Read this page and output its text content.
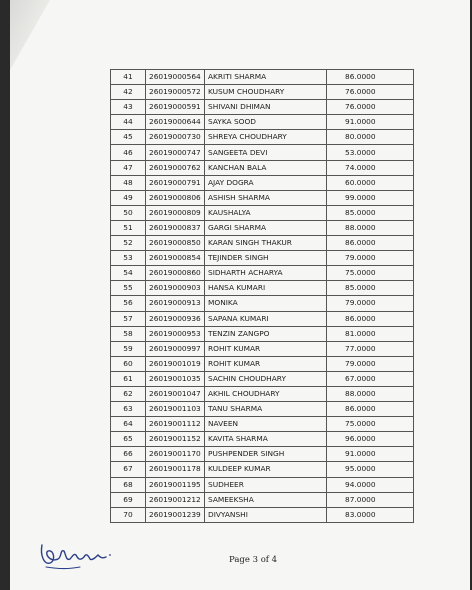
41	26019000564	AKRITI SHARMA	86.0000
42	26019000572	KUSUM CHOUDHARY	76.0000
43	26019000591	SHIVANI DHIMAN	76.0000
44	26019000644	SAYKA SOOD	91.0000
45	26019000730	SHREYA CHOUDHARY	80.0000
46	26019000747	SANGEETA DEVI	53.0000
47	26019000762	KANCHAN BALA	74.0000
48	26019000791	AJAY DOGRA	60.0000
49	26019000806	ASHISH SHARMA	99.0000
50	26019000809	KAUSHALYA	85.0000
51	26019000837	GARGI SHARMA	88.0000
52	26019000850	KARAN SINGH THAKUR	86.0000
53	26019000854	TEJINDER SINGH	79.0000
54	26019000860	SIDHARTH ACHARYA	75.0000
55	26019000903	HANSA KUMARI	85.0000
56	26019000913	MONIKA	79.0000
57	26019000936	SAPANA KUMARI	86.0000
58	26019000953	TENZIN ZANGPO	81.0000
59	26019000997	ROHIT KUMAR	77.0000
60	26019001019	ROHIT KUMAR	79.0000
61	26019001035	SACHIN CHOUDHARY	67.0000
62	26019001047	AKHIL CHOUDHARY	88.0000
63	26019001103	TANU SHARMA	86.0000
64	26019001112	NAVEEN	75.0000
65	26019001152	KAVITA SHARMA	96.0000
66	26019001170	PUSHPENDER SINGH	91.0000
67	26019001178	KULDEEP KUMAR	95.0000
68	26019001195	SUDHEER	94.0000
69	26019001212	SAMEEKSHA	87.0000
70	26019001239	DIVYANSHI	83.0000
Page 3 of 4
